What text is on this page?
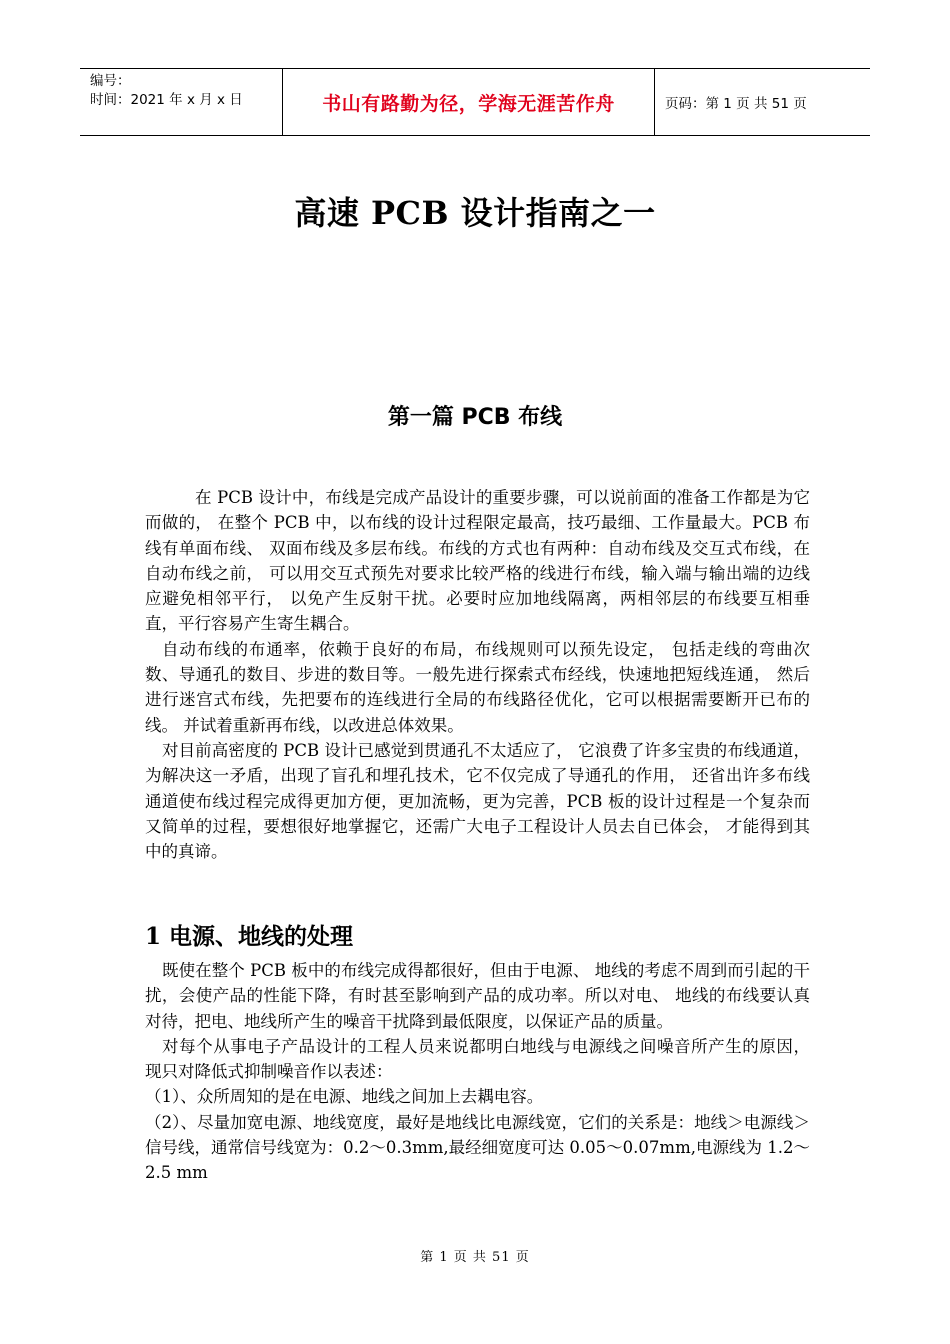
编号：
时间：2021 年 x 月 x 日	书山有路勤为径，学海无涯苦作舟	页码：第 1 页 共 51 页
高速 PCB 设计指南之一
第一篇 PCB 布线

在 PCB 设计中，布线是完成产品设计的重要步骤，可以说前面的准备工作都是为它而做的， 在整个 PCB 中，以布线的设计过程限定最高，技巧最细、工作量最大。PCB 布线有单面布线、 双面布线及多层布线。布线的方式也有两种：自动布线及交互式布线，在自动布线之前， 可以用交互式预先对要求比较严格的线进行布线，输入端与输出端的边线应避免相邻平行， 以免产生反射干扰。必要时应加地线隔离，两相邻层的布线要互相垂直，平行容易产生寄生耦合。

自动布线的布通率，依赖于良好的布局，布线规则可以预先设定， 包括走线的弯曲次数、导通孔的数目、步进的数目等。一般先进行探索式布经线，快速地把短线连通， 然后进行迷宫式布线，先把要布的连线进行全局的布线路径优化，它可以根据需要断开已布的线。 并试着重新再布线，以改进总体效果。

对目前高密度的 PCB 设计已感觉到贯通孔不太适应了， 它浪费了许多宝贵的布线通道，为解决这一矛盾，出现了盲孔和埋孔技术，它不仅完成了导通孔的作用， 还省出许多布线通道使布线过程完成得更加方便，更加流畅，更为完善，PCB 板的设计过程是一个复杂而又简单的过程，要想很好地掌握它，还需广大电子工程设计人员去自已体会， 才能得到其中的真谛。

1 电源、地线的处理

既使在整个 PCB 板中的布线完成得都很好，但由于电源、 地线的考虑不周到而引起的干扰，会使产品的性能下降，有时甚至影响到产品的成功率。所以对电、 地线的布线要认真对待，把电、地线所产生的噪音干扰降到最低限度，以保证产品的质量。

对每个从事电子产品设计的工程人员来说都明白地线与电源线之间噪音所产生的原因， 现只对降低式抑制噪音作以表述：

（1）、众所周知的是在电源、地线之间加上去耦电容。

（2）、尽量加宽电源、地线宽度，最好是地线比电源线宽，它们的关系是：地线＞电源线＞信号线，通常信号线宽为：0.2～0.3mm,最经细宽度可达 0.05～0.07mm,电源线为 1.2～2.5 mm

第 1 页 共 51 页
